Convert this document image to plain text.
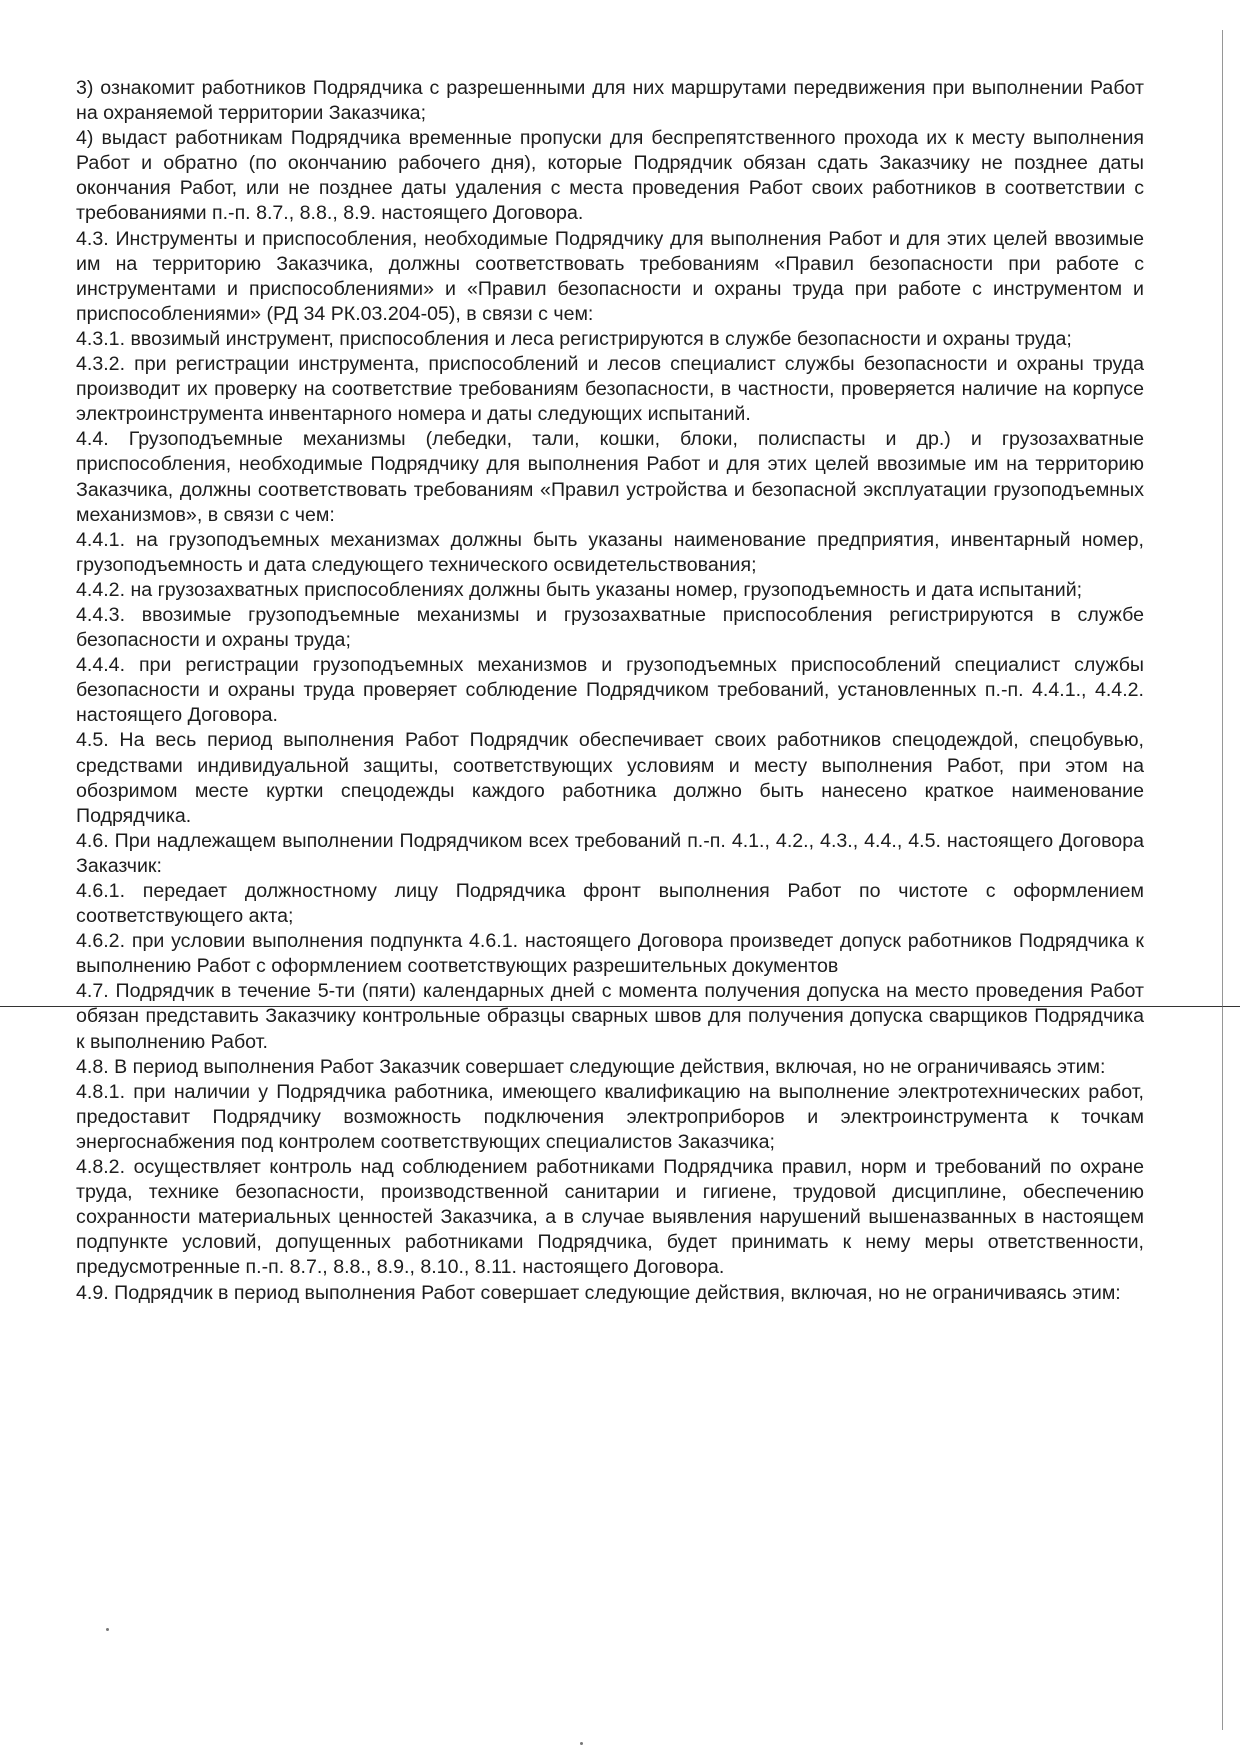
3) ознакомит работников Подрядчика с разрешенными для них маршрутами передвижения при выполнении Работ на охраняемой территории Заказчика;

4) выдаст работникам Подрядчика временные пропуски для беспрепятственного прохода их к месту выполнения Работ и обратно (по окончанию рабочего дня), которые Подрядчик обязан сдать Заказчику не позднее даты окончания Работ, или не позднее даты удаления с места проведения Работ своих работников в соответствии с требованиями п.-п. 8.7., 8.8., 8.9. настоящего Договора.

4.3. Инструменты и приспособления, необходимые Подрядчику для выполнения Работ и для этих целей ввозимые им на территорию Заказчика, должны соответствовать требованиям «Правил безопасности при работе с инструментами и приспособлениями» и «Правил безопасности и охраны труда при работе с инструментом и приспособлениями» (РД 34 РК.03.204-05), в связи с чем:

4.3.1. ввозимый инструмент, приспособления и леса регистрируются в службе безопасности и охраны труда;

4.3.2. при регистрации инструмента, приспособлений и лесов специалист службы безопасности и охраны труда производит их проверку на соответствие требованиям безопасности, в частности, проверяется наличие на корпусе электроинструмента инвентарного номера и даты следующих испытаний.

4.4. Грузоподъемные механизмы (лебедки, тали, кошки, блоки, полиспасты и др.) и грузозахватные приспособления, необходимые Подрядчику для выполнения Работ и для этих целей ввозимые им на территорию Заказчика, должны соответствовать требованиям «Правил устройства и безопасной эксплуатации грузоподъемных механизмов», в связи с чем:

4.4.1. на грузоподъемных механизмах должны быть указаны наименование предприятия, инвентарный номер, грузоподъемность и дата следующего технического освидетельствования;

4.4.2. на грузозахватных приспособлениях должны быть указаны номер, грузоподъемность и дата испытаний;

4.4.3. ввозимые грузоподъемные механизмы и грузозахватные приспособления регистрируются в службе безопасности и охраны труда;

4.4.4. при регистрации грузоподъемных механизмов и грузоподъемных приспособлений специалист службы безопасности и охраны труда проверяет соблюдение Подрядчиком требований, установленных п.-п. 4.4.1., 4.4.2. настоящего Договора.

4.5. На весь период выполнения Работ Подрядчик обеспечивает своих работников спецодеждой, спецобувью, средствами индивидуальной защиты, соответствующих условиям и месту выполнения Работ, при этом на обозримом месте куртки спецодежды каждого работника должно быть нанесено краткое наименование Подрядчика.

4.6. При надлежащем выполнении Подрядчиком всех требований п.-п. 4.1., 4.2., 4.3., 4.4., 4.5. настоящего Договора Заказчик:

4.6.1. передает должностному лицу Подрядчика фронт выполнения Работ по чистоте с оформлением соответствующего акта;

4.6.2. при условии выполнения подпункта 4.6.1. настоящего Договора произведет допуск работников Подрядчика к выполнению Работ с оформлением соответствующих разрешительных документов

4.7. Подрядчик в течение 5-ти (пяти) календарных дней с момента получения допуска на место проведения Работ обязан представить Заказчику контрольные образцы сварных швов для получения допуска сварщиков Подрядчика к выполнению Работ.

4.8. В период выполнения Работ Заказчик совершает следующие действия, включая, но не ограничиваясь этим:

4.8.1. при наличии у Подрядчика работника, имеющего квалификацию на выполнение электротехнических работ, предоставит Подрядчику возможность подключения электроприборов и электроинструмента к точкам энергоснабжения под контролем соответствующих специалистов Заказчика;

4.8.2. осуществляет контроль над соблюдением работниками Подрядчика правил, норм и требований по охране труда, технике безопасности, производственной санитарии и гигиене, трудовой дисциплине, обеспечению сохранности материальных ценностей Заказчика, а в случае выявления нарушений вышеназванных в настоящем подпункте условий, допущенных работниками Подрядчика, будет принимать к нему меры ответственности, предусмотренные п.-п. 8.7., 8.8., 8.9., 8.10., 8.11. настоящего Договора.

4.9. Подрядчик в период выполнения Работ совершает следующие действия, включая, но не ограничиваясь этим:
